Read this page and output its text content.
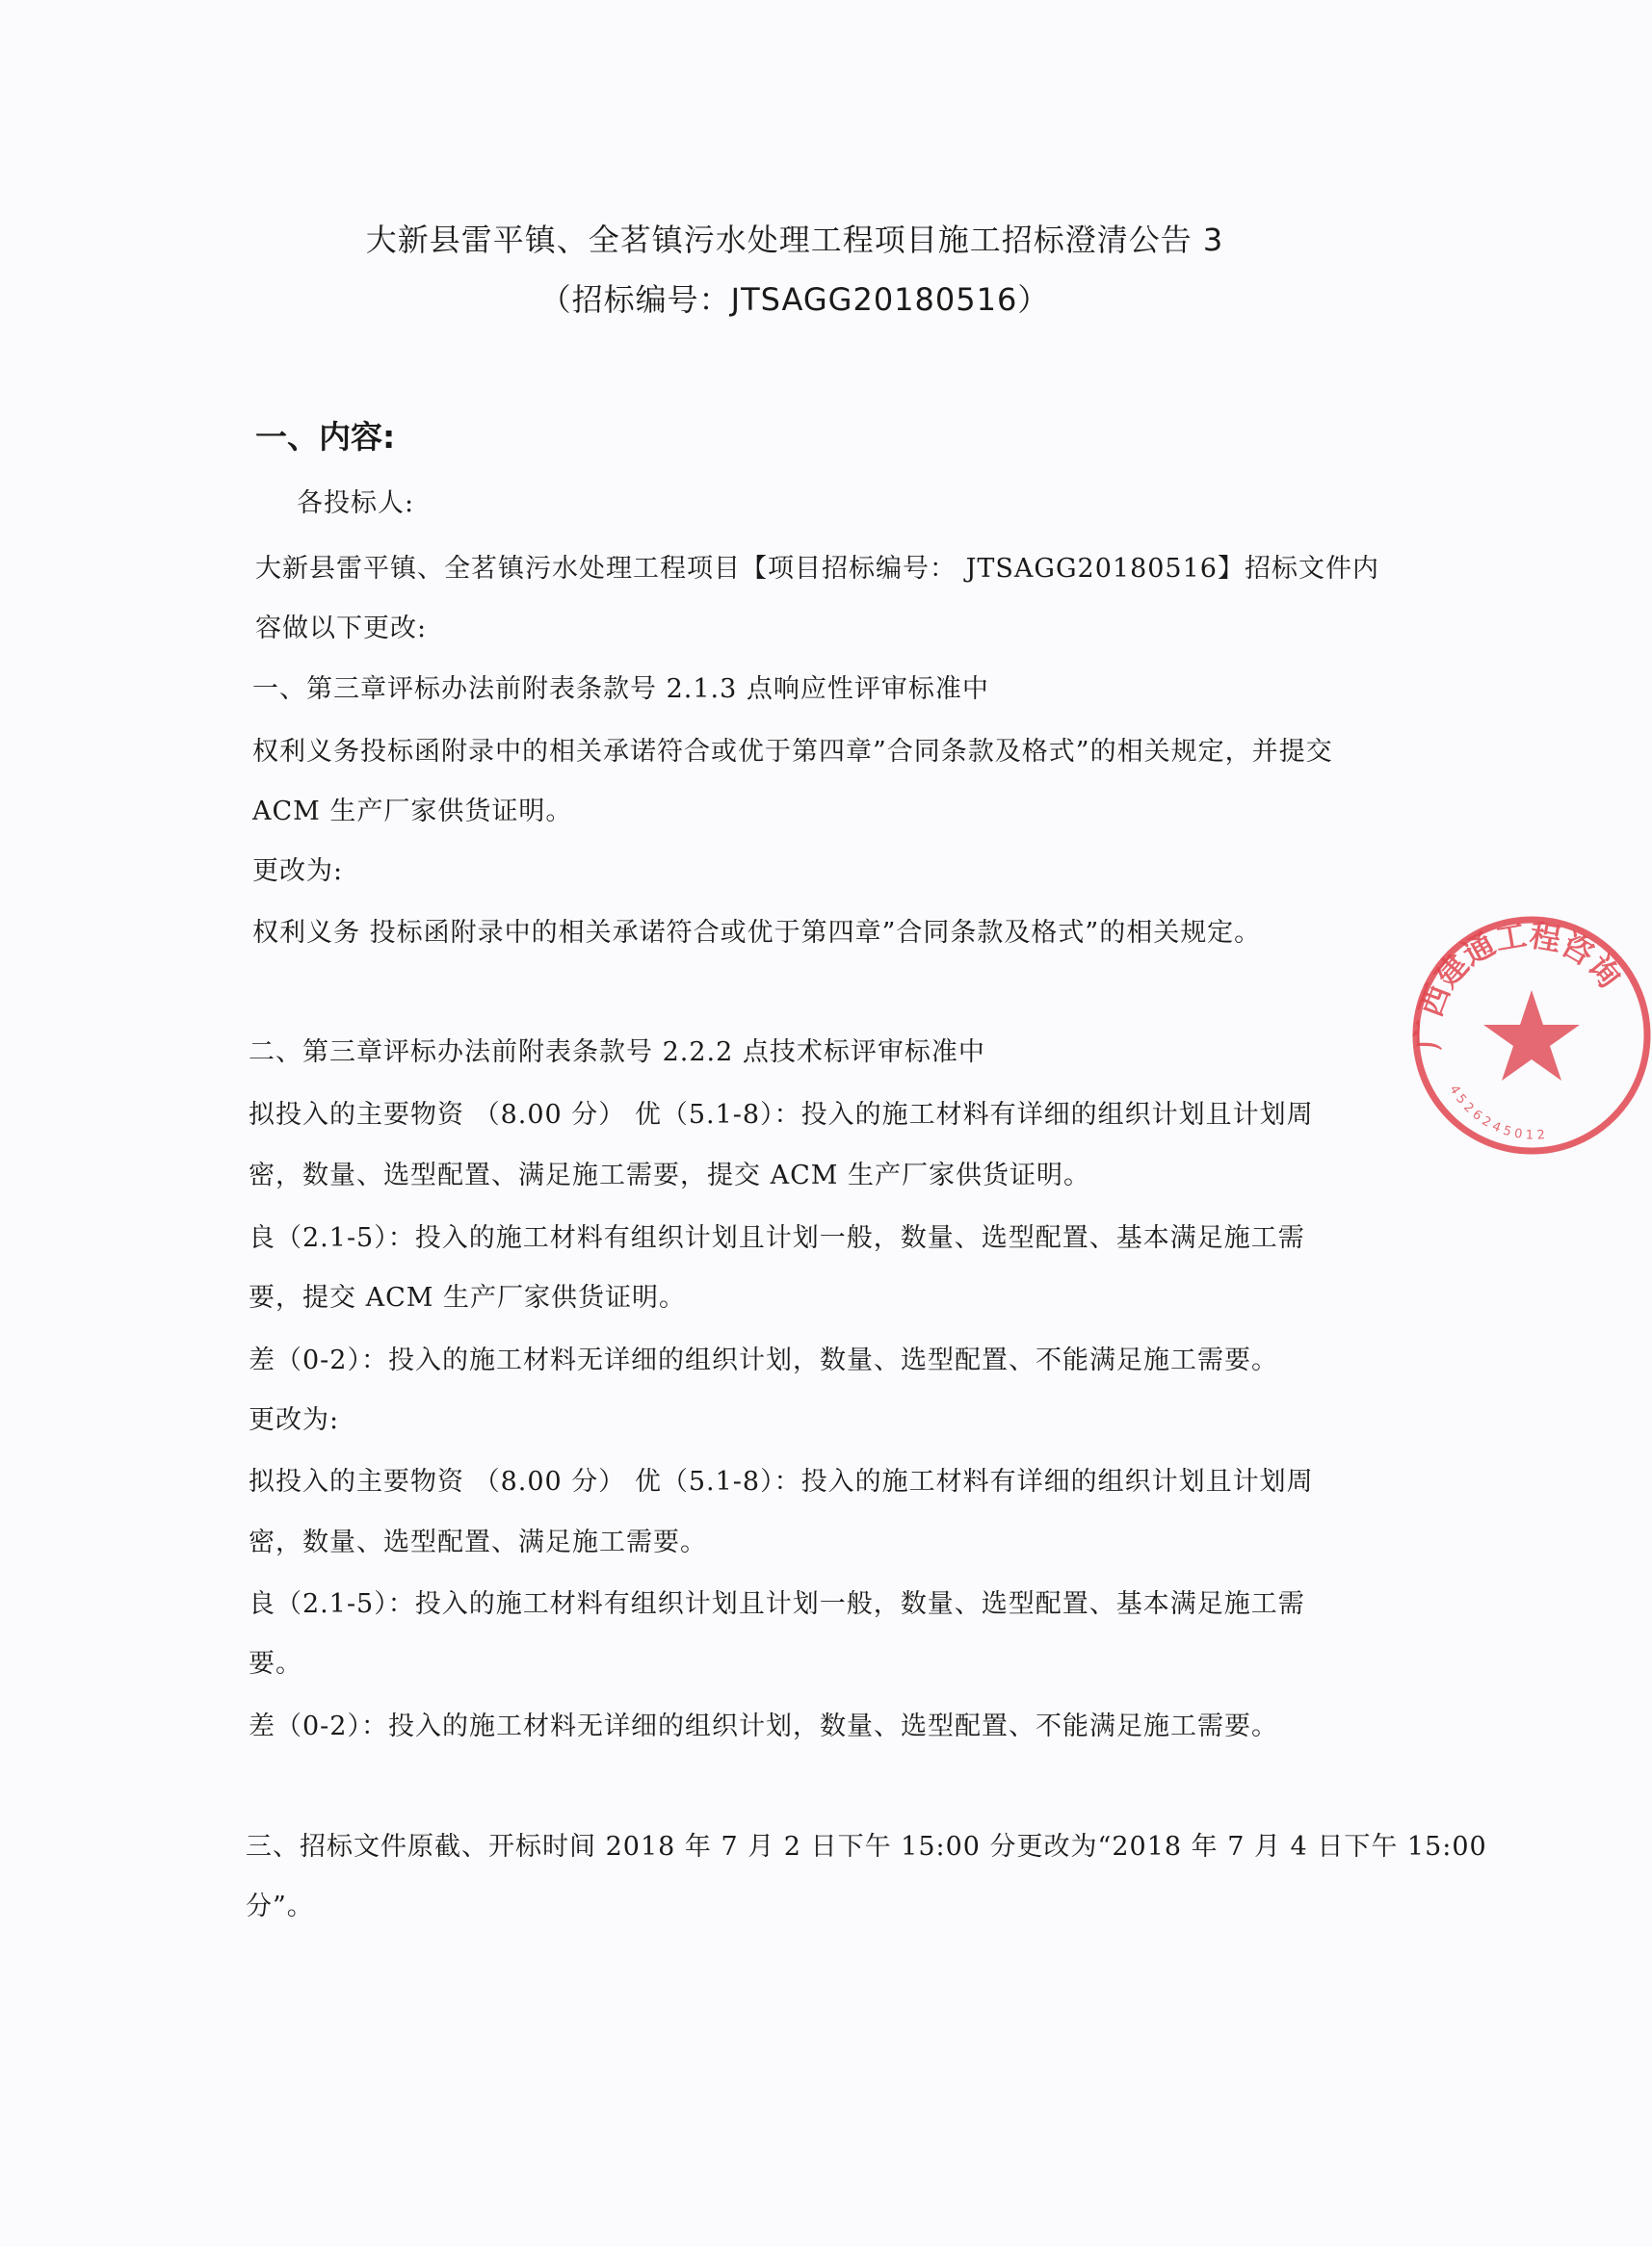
大新县雷平镇、全茗镇污水处理工程项目施工招标澄清公告 3
（招标编号：JTSAGG20180516）
一、内容:
各投标人:
大新县雷平镇、全茗镇污水处理工程项目【项目招标编号： JTSAGG20180516】招标文件内
容做以下更改:
一、第三章评标办法前附表条款号 2.1.3 点响应性评审标准中
权利义务投标函附录中的相关承诺符合或优于第四章”合同条款及格式”的相关规定，并提交
ACM 生产厂家供货证明。
更改为:
权利义务 投标函附录中的相关承诺符合或优于第四章”合同条款及格式”的相关规定。
二、第三章评标办法前附表条款号 2.2.2 点技术标评审标准中
拟投入的主要物资 （8.00 分） 优（5.1-8）：投入的施工材料有详细的组织计划且计划周
密，数量、选型配置、满足施工需要，提交 ACM 生产厂家供货证明。
良（2.1-5）：投入的施工材料有组织计划且计划一般，数量、选型配置、基本满足施工需
要，提交 ACM 生产厂家供货证明。
差（0-2）：投入的施工材料无详细的组织计划，数量、选型配置、不能满足施工需要。
更改为:
拟投入的主要物资 （8.00 分） 优（5.1-8）：投入的施工材料有详细的组织计划且计划周
密，数量、选型配置、满足施工需要。
良（2.1-5）：投入的施工材料有组织计划且计划一般，数量、选型配置、基本满足施工需
要。
差（0-2）：投入的施工材料无详细的组织计划，数量、选型配置、不能满足施工需要。
三、招标文件原截、开标时间 2018 年 7 月 2 日下午 15:00 分更改为“2018 年 7 月 4 日下午 15:00
分”。
广西建通工程咨询
4526245012
